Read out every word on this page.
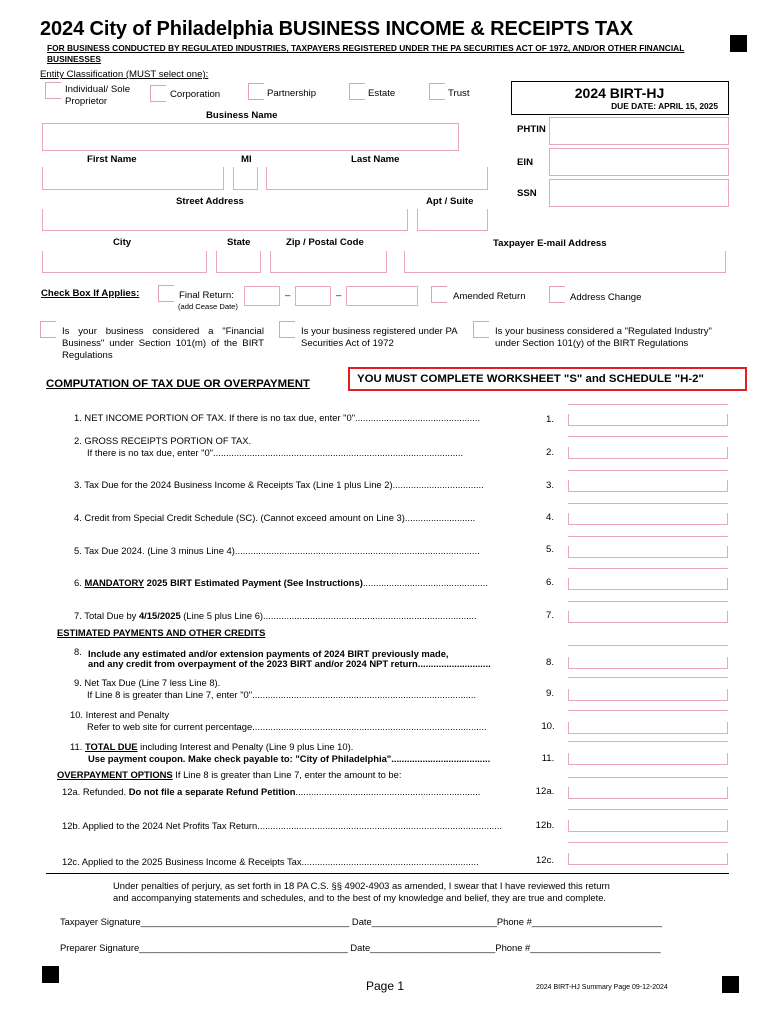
2024 City of Philadelphia BUSINESS INCOME & RECEIPTS TAX
FOR BUSINESS CONDUCTED BY REGULATED INDUSTRIES, TAXPAYERS REGISTERED UNDER THE PA SECURITIES ACT OF 1972, AND/OR OTHER FINANCIAL BUSINESSES
Entity Classification (MUST select one):
Individual/ Sole Proprietor
Corporation	Partnership	Estate	Trust	2024 BIRT-HJ
DUE DATE: APRIL 15, 2025
Business Name
PHTIN
EIN
SSN
First Name	MI	Last Name
Street Address	Apt / Suite
City	State	Zip / Postal Code	Taxpayer E-mail Address
Check Box If Applies:	Final Return:
(add Cease Date)
–	–	Amended Return	Address Change
Is your business considered a "Financial Business" under Section 101(m) of the BIRT Regulations
Is your business registered under PA Securities Act of 1972
Is your business considered a "Regulated Industry" under Section 101(y) of the BIRT Regulations
COMPUTATION OF TAX DUE OR OVERPAYMENT	YOU MUST COMPLETE WORKSHEET "S" and SCHEDULE "H-2"
1. NET INCOME PORTION OF TAX. If there is no tax due, enter "0"................................................	1.
2. GROSS RECEIPTS PORTION OF TAX.
If there is no tax due, enter "0"................................................................................................	2.
3. Tax Due for the 2024 Business Income & Receipts Tax (Line 1 plus Line 2)...................................	3.
4. Credit from Special Credit Schedule (SC). (Cannot exceed amount on Line 3)...........................	4.
5. Tax Due 2024. (Line 3 minus Line 4)..............................................................................................	5.
6. MANDATORY 2025 BIRT Estimated Payment (See Instructions)................................................	6.
7. Total Due by 4/15/2025 (Line 5 plus Line 6)..................................................................................	7.
ESTIMATED PAYMENTS AND OTHER CREDITS
8. Include any estimated and/or extension payments of 2024 BIRT previously made,
and any credit from overpayment of the 2023 BIRT and/or 2024 NPT return............................	8.
9. Net Tax Due (Line 7 less Line 8).
If Line 8 is greater than Line 7, enter "0"......................................................................................	9.
10. Interest and Penalty
Refer to web site for current percentage..........................................................................................	10.
11. TOTAL DUE including Interest and Penalty (Line 9 plus Line 10).
Use payment coupon. Make check payable to: "City of Philadelphia"......................................	11.
OVERPAYMENT OPTIONS If Line 8 is greater than Line 7, enter the amount to be:
12a. Refunded. Do not file a separate Refund Petition.......................................................................	12a.
12b. Applied to the 2024 Net Profits Tax Return..............................................................................................	12b.
12c. Applied to the 2025 Business Income & Receipts Tax....................................................................	12c.
Under penalties of perjury, as set forth in 18 PA C.S. §§ 4902-4903 as amended, I swear that I have reviewed this return
and accompanying statements and schedules, and to the best of my knowledge and belief, they are true and complete.
Taxpayer Signature________________________________________ Date________________________Phone #_________________________
Preparer Signature________________________________________ Date________________________Phone #_________________________
Page 1	2024 BIRT-HJ Summary Page 09-12-2024
